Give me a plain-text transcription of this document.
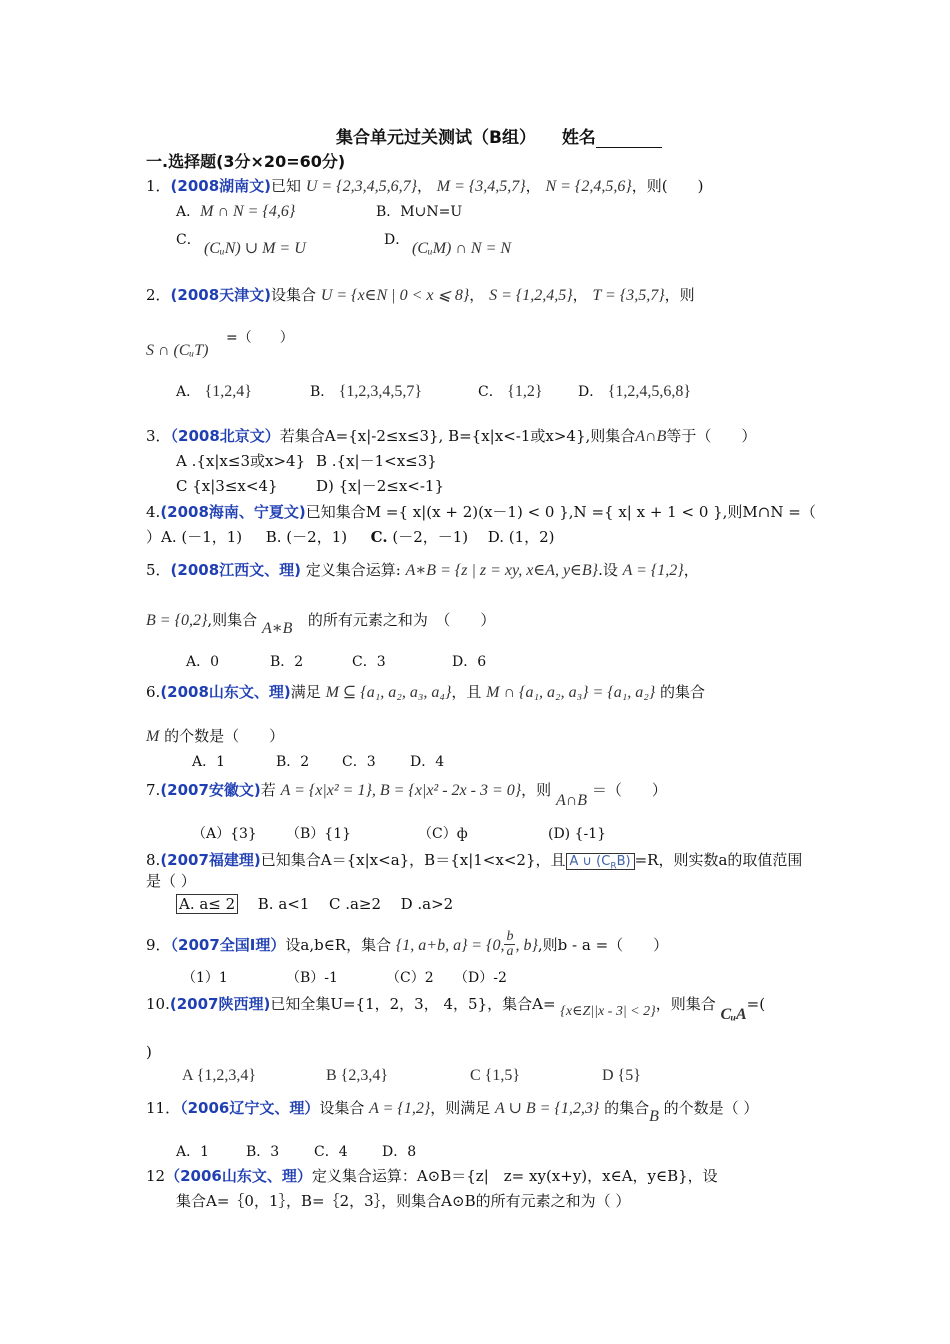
集合单元过关测试（B组） 姓名
一.选择题(3分×20=60分)
1．(2008湖南文)已知 U = {2,3,4,5,6,7}， M = {3,4,5,7}， N = {2,4,5,6}，则(　　)
A．M ∩ N = {4,6}	B．M∪N=U
C． (CᵤN) ∪ M = U	D． (CᵤM) ∩ N = N
2．(2008天津文)设集合 U = {x∈N | 0 < x ⩽ 8}， S = {1,2,4,5}， T = {3,5,7}，则
S ∩ (CᵤT)
=（　　）
A． {1,2,4}	B． {1,2,3,4,5,7}	C． {1,2}	D． {1,2,4,5,6,8}
3．（2008北京文）若集合A={x|-2≤x≤3}, B={x|x<-1或x>4},则集合A∩B等于（　　）
A .{x|x≤3或x>4} B .{x|－1<x≤3}
C {x|3≤x<4}	D) {x|－2≤x<-1}
4.(2008海南、宁夏文)已知集合M ={ x|(x + 2)(x－1) < 0 },N ={ x| x + 1 < 0 },则M∩N =（
）A. (－1，1) B. (－2，1) C. (－2，－1) D. (1，2)
5．(2008江西文、理) 定义集合运算: A∗B = {z | z = xy, x∈A, y∈B}.设 A = {1,2}，
B = {0,2},则集合 A∗B 的所有元素之和为　（　　）
A．0	B．2	C．3	D．6
6.(2008山东文、理)满足 M ⊆ {a₁, a₂, a₃, a₄}，且 M ∩ {a₁, a₂, a₃} = {a₁, a₂} 的集合
M 的个数是（　　）
A．1	B．2 C．3 D．4
7.(2007安徽文)若 A = {x|x² = 1}, B = {x|x² - 2x - 3 = 0}，则 A∩B ＝（　　）
（A）{3} （B）{1}	（C）ф	(D) {-1}
8.(2007福建理)已知集合A＝{x|x<a}，B＝{x|1<x<2}，且 A ∪ $(C_RB) =R$，则实数a的取值范围
是（ ）
A. a≤ 2 B. a<1 C .a≥2 D .a>2
9．（2007全国Ⅰ理）设a,b∈R，集合 {1, a+b, a} = {0, $\frac{b}{a}$ , b},则b - a =（　　）
（1）1	（B）-1	（C）2 （D）-2
10.(2007陕西理)已知全集U={1，2，3， 4，5}，集合A= {x∈Z||x - 3| < 2}，则集合 CᵤA=(
)
A {1,2,3,4}	B {2,3,4}	C {1,5}	D {5}
11．（2006辽宁文、理）设集合 A = {1,2}，则满足 A ∪ B = {1,2,3} 的集合B 的个数是（ ）
A．1	B．3 C．4 D．8
12（2006山东文、理）定义集合运算：A⊙B＝{z|　z= xy(x+y)，x∈A，y∈B}，设
集合A=｛0，1｝，B=｛2，3｝，则集合A⊙B的所有元素之和为（ ）
